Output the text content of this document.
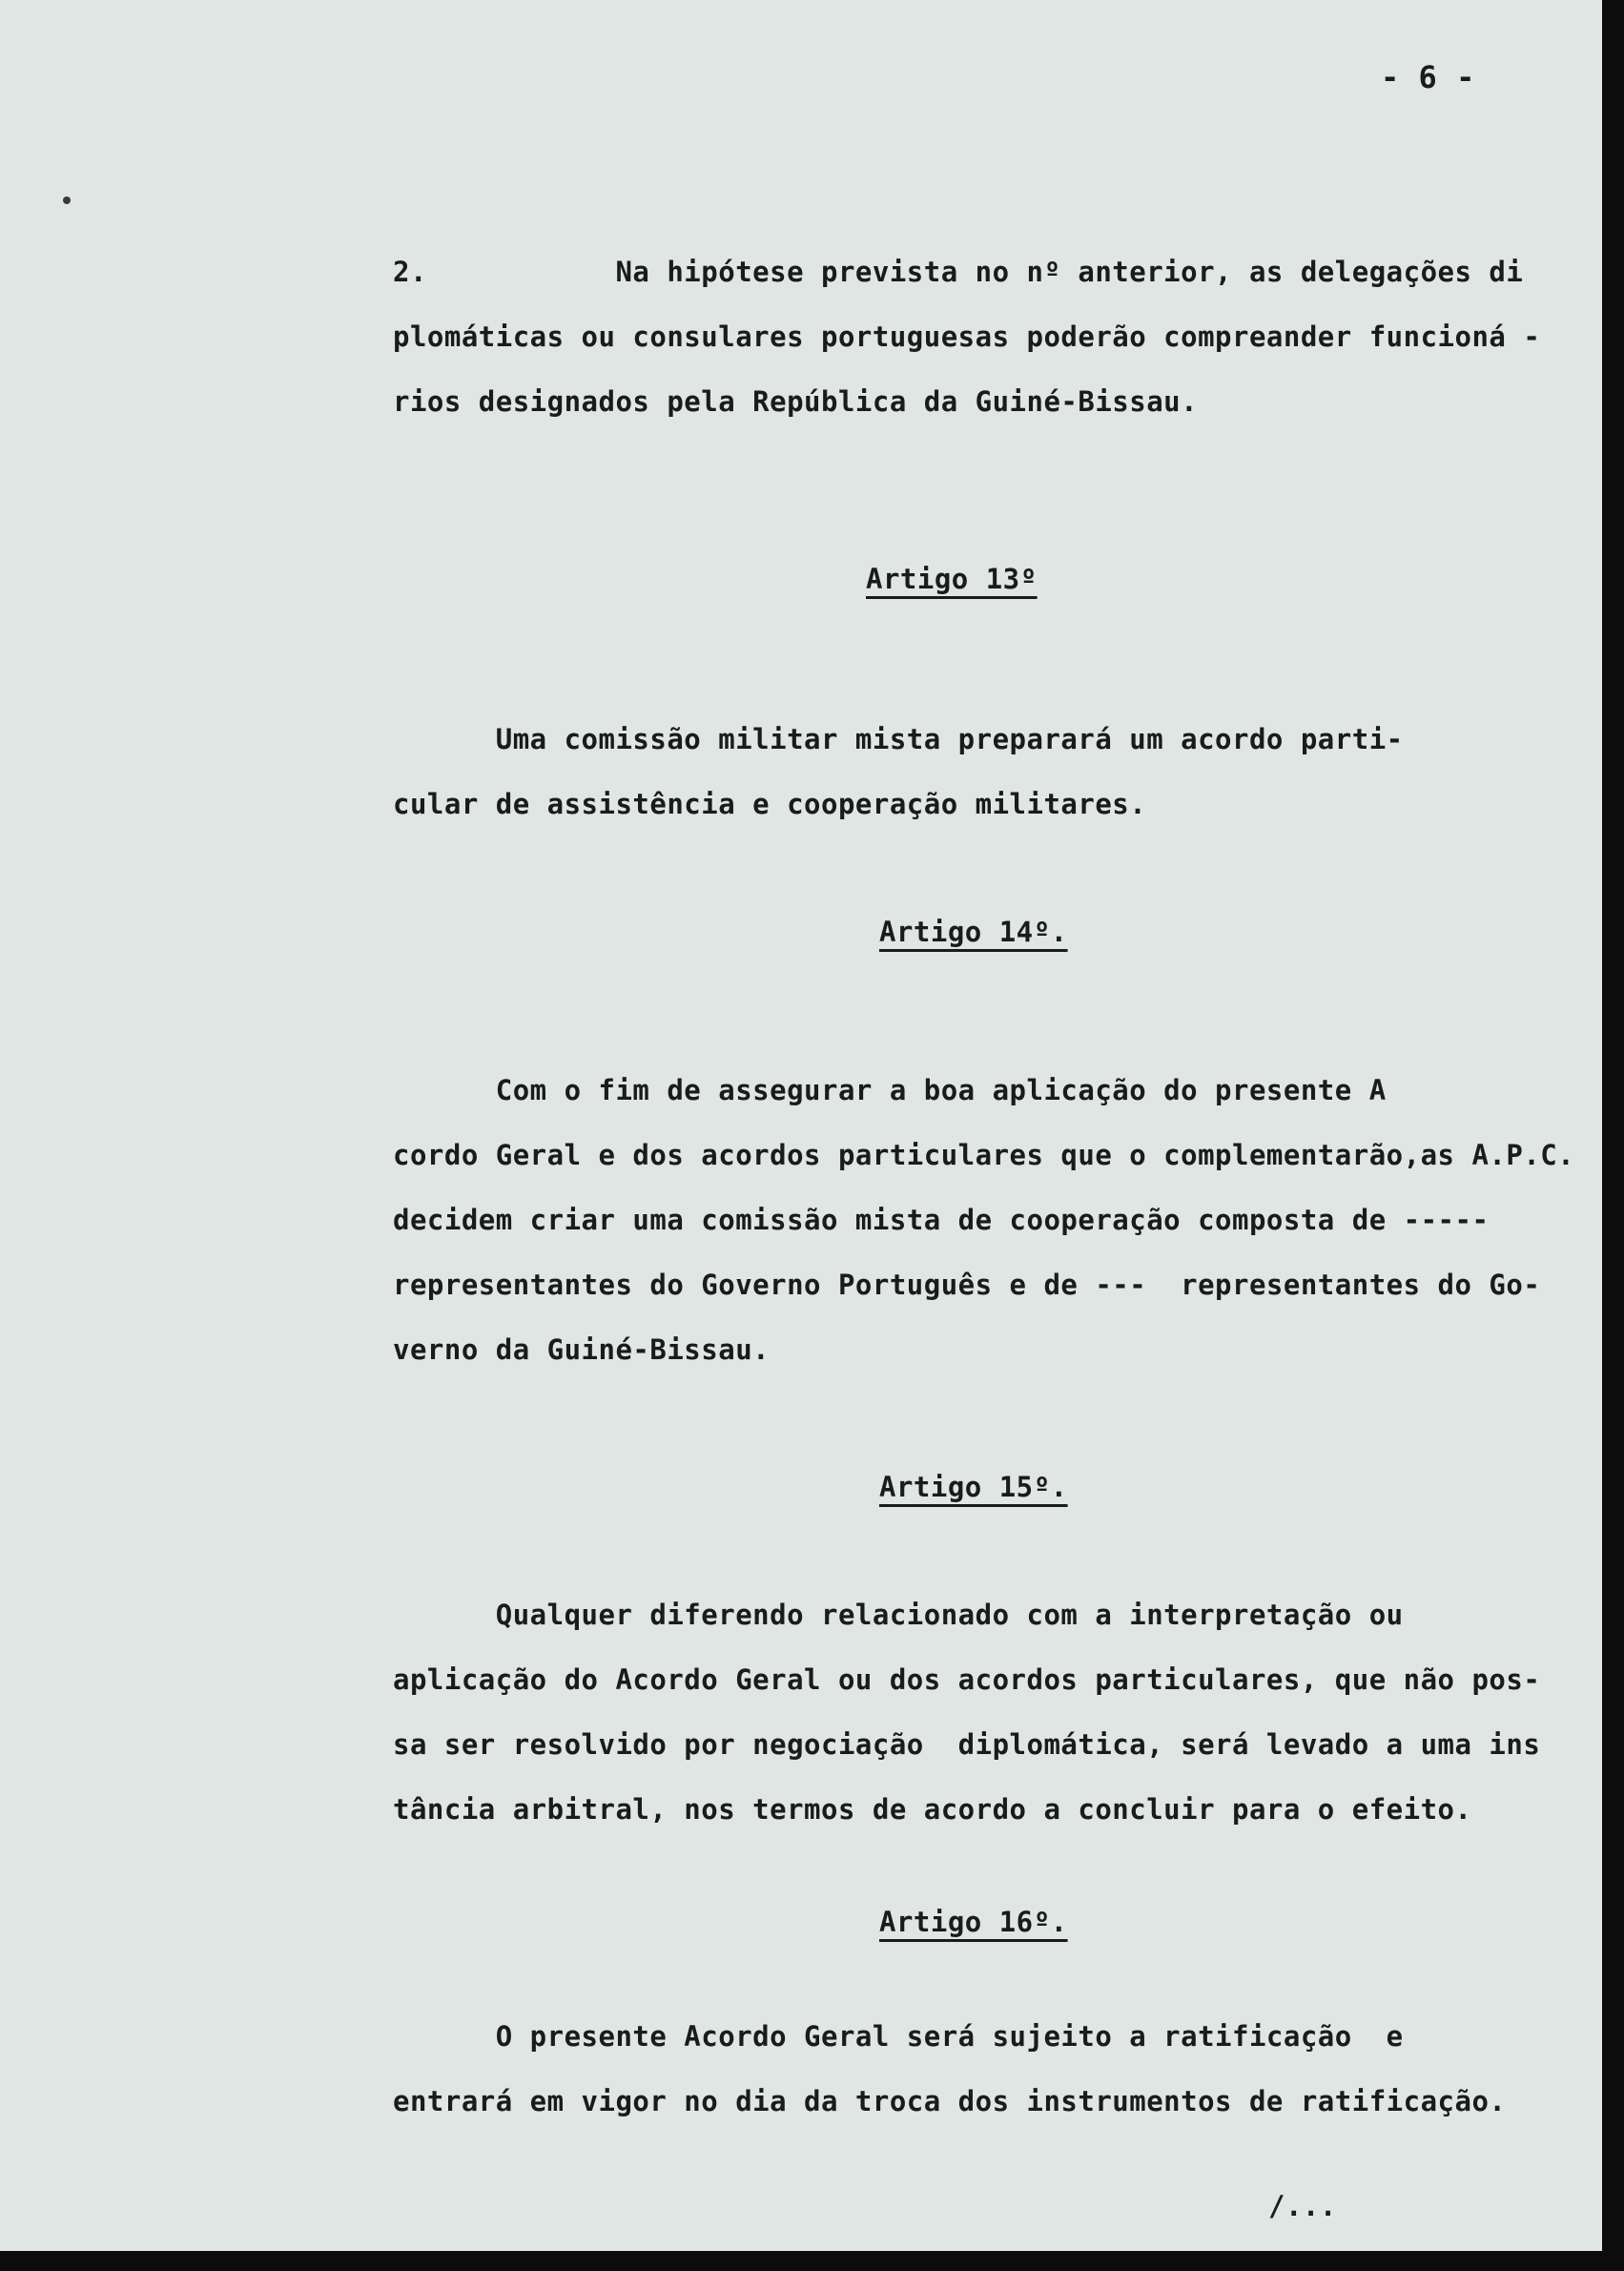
- 6 -
2.           Na hipótese prevista no nº anterior, as delegações di
plomáticas ou consulares portuguesas poderão compreander funcioná -
rios designados pela República da Guiné-Bissau.
Artigo 13º
Uma comissão militar mista preparará um acordo parti-
cular de assistência e cooperação militares.
Artigo 14º.
Com o fim de assegurar a boa aplicação do presente A
cordo Geral e dos acordos particulares que o complementarão,as A.P.C.
decidem criar uma comissão mista de cooperação composta de -----
representantes do Governo Português e de ---  representantes do Go-
verno da Guiné-Bissau.
Artigo 15º.
Qualquer diferendo relacionado com a interpretação ou
aplicação do Acordo Geral ou dos acordos particulares, que não pos-
sa ser resolvido por negociação  diplomática, será levado a uma ins
tância arbitral, nos termos de acordo a concluir para o efeito.
Artigo 16º.
O presente Acordo Geral será sujeito a ratificação  e
entrará em vigor no dia da troca dos instrumentos de ratificação.
/...
